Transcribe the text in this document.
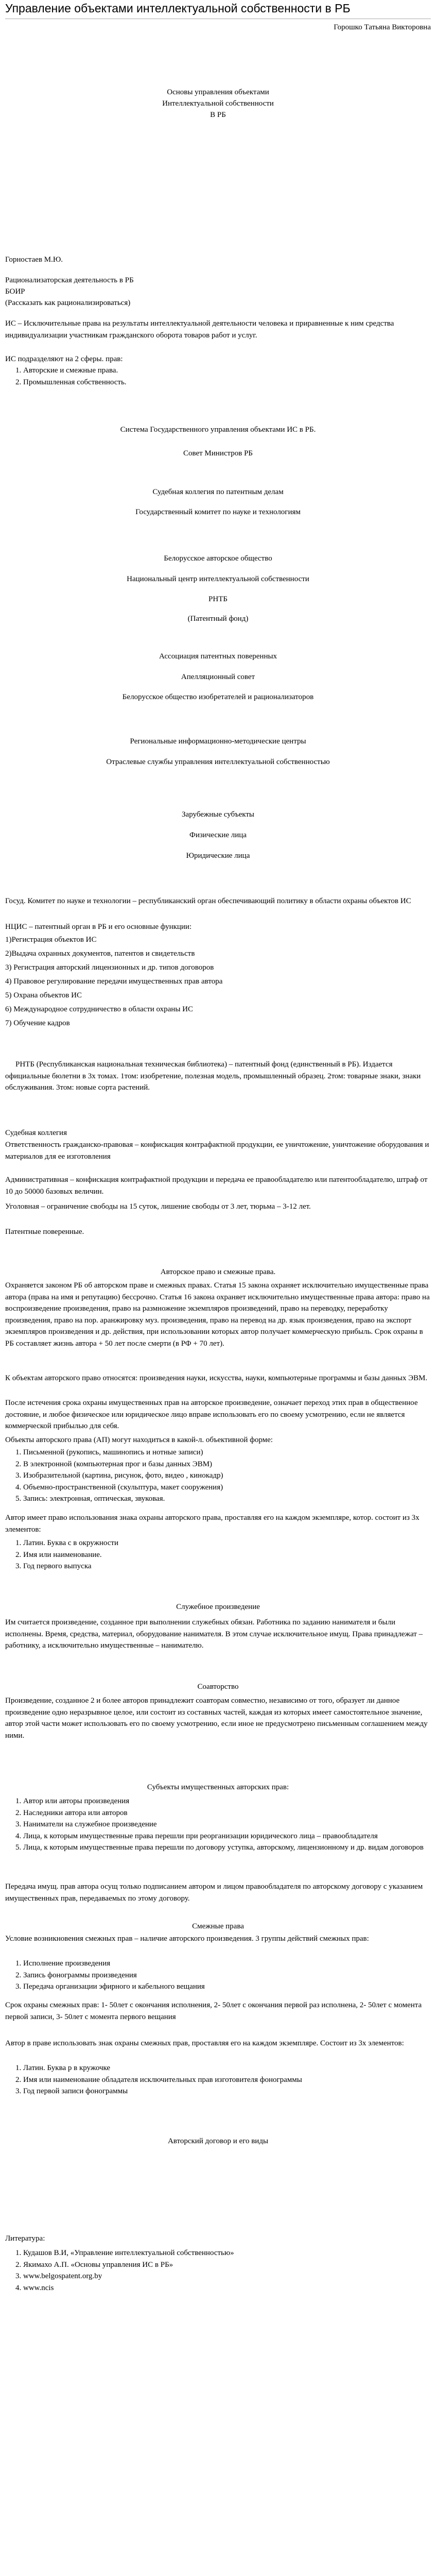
Управление объектами интеллектуальной собственности в РБ
Горошко Татьяна Викторовна
Основы управления объектами
Интеллектуальной собственности
В РБ
Горностаев М.Ю.
Рационализаторская деятельность в РБ
БОИР
(Рассказать как рационализироваться)
ИС – Исключительные права на результаты интеллектуальной деятельности человека и приравненные к ним средства индивидуализации участникам гражданского оборота товаров работ и услуг.
ИС подразделяют на 2 сферы. прав:
1. Авторские и смежные права.
2. Промышленная собственность.
Система Государственного управления объектами ИС в РБ.
Совет Министров РБ
Судебная коллегия по патентным делам
Государственный комитет по науке и технологиям
Белорусское авторское общество
Национальный центр интеллектуальной собственности
РНТБ
(Патентный фонд)
Ассоциация патентных поверенных
Апелляционный совет
Белорусское общество изобретателей и рационализаторов
Региональные информационно-методические центры
Отраслевые службы управления интеллектуальной собственностью
Зарубежные субъекты
Физические лица
Юридические лица
Госуд. Комитет по науке и технологии – республиканский орган обеспечивающий политику в области охраны объектов ИС
НЦИС – патентный орган в РБ и его основные функции:
1)Регистрация объектов ИС
2)Выдача охранных документов, патентов и свидетельств
3) Регистрация авторский лицензионных и др. типов договоров
4) Правовое регулирование передачи имущественных прав автора
5) Охрана объектов ИС
6) Международное сотрудничество в области охраны ИС
7) Обучение кадров
РНТБ (Республиканская национальная техническая библиотека) – патентный фонд (единственный в РБ). Издается официальные бюлетни в 3х томах. 1том: изобретение, полезная модель, промышленный образец. 2том: товарные знаки, знаки обслуживания. 3том: новые сорта растений.
Судебная коллегия
Ответственность гражданско-правовая – конфискация контрафактной продукции, ее уничтожение, уничтожение оборудования и материалов для ее изготовления
Административная – конфискация контрафактной продукции и передача ее правообладателю или патентообладателю, штраф от 10 до 50000 базовых величин.
Уголовная – ограничение свободы на 15 суток, лишение свободы от 3 лет, тюрьма – 3-12 лет.
Патентные поверенные.
Авторское право и смежные права.
Охраняется законом РБ об авторском праве и смежных правах. Статья 15 закона охраняет исключительно имущественные права автора (права на имя и репутацию) бессрочно. Статья 16 закона охраняет исключительно имущественные права автора: право на воспроизведение произведения, право на размножение экземпляров произведений, право на переводку, переработку произведения, право на пор. аранжировку муз. произведения, право на перевод на др. язык произведения, право на экспорт экземпляров произведения и др. действия, при использовании которых автор получает коммерческую прибыль. Срок охраны в РБ составляет жизнь автора + 50 лет после смерти (в РФ + 70 лет).
К объектам авторского право относятся: произведения науки, искусства, науки, компьютерные программы и базы данных ЭВМ.
После истечения срока охраны имущественных прав на авторское произведение, означает переход этих прав в общественное достояние, и любое физическое или юридическое лицо вправе использовать его по своему усмотрению, если не является коммерческой прибылью для себя.
Объекты авторского права (АП) могут находиться в какой-л. объективной форме:
1. Письменной (рукопись, машинопись и нотные записи)
2. В электронной (компьютерная прог и базы данных ЭВМ)
3. Изобразительной (картина, рисунок, фото, видео , кинокадр)
4. Объемно-пространственной (скульптура, макет сооружения)
5. Запись: электронная, оптическая, звуковая.
Автор имеет право использования знака охраны авторского права, проставляя его на каждом экземпляре, котор. состоит из 3х элементов:
1. Латин. Буква с в окружности
2. Имя или наименование.
3. Год первого выпуска
Служебное произведение
Им считается произведение, созданное при выполнении служебных обязан. Работника по заданию нанимателя и были исполнены. Время, средства, материал, оборудование нанимателя. В этом случае исключительное имущ. Права принадлежат – работнику, а исключительно имущественные – нанимателю.
Соавторство
Произведение, созданное 2 и более авторов принадлежит соавторам совместно, независимо от того, образует ли данное произведение одно неразрывное целое, или состоит из составных частей, каждая из которых имеет самостоятельное значение, автор этой части может использовать его по своему усмотрению, если иное не предусмотрено письменным соглашением между ними.
Субъекты имущественных авторских прав:
1. Автор или авторы произведения
2. Наследники автора или авторов
3. Наниматели на служебное произведение
4. Лица, к которым имущественные права перешли при реорганизации юридического лица – правообладателя
5. Лица, к которым имущественные права перешли по договору уступка, авторскому, лицензионному и др. видам договоров
Передача имущ. прав автора осущ только подписанием автором и лицом правообладателя по авторскому договору с указанием имущественных прав, передаваемых по этому договору.
Смежные права
Условие возникновения смежных прав – наличие авторского произведения. 3 группы действий смежных прав:
1. Исполнение произведения
2. Запись фонограммы произведения
3. Передача организации эфирного и кабельного вещания
Срок охраны смежных прав: 1- 50лет с окончания исполнения, 2- 50лет с окончания первой раз исполнена, 2- 50лет с момента первой записи, 3- 50лет с момента первого вещания
Автор в праве использовать знак охраны смежных прав, проставляя его на каждом экземпляре. Состоит из 3х элементов:
1. Латин. Буква р в кружочке
2. Имя или наименование обладателя исключительных прав изготовителя фонограммы
3. Год первой записи фонограммы
Авторский договор и его виды
Литература:
1. Кудашов В.И, «Управление интеллектуальной собственностью»
2. Якимахо А.П. «Основы управления ИС в РБ»
3. www.belgospatent.org.by
4. www.ncis
